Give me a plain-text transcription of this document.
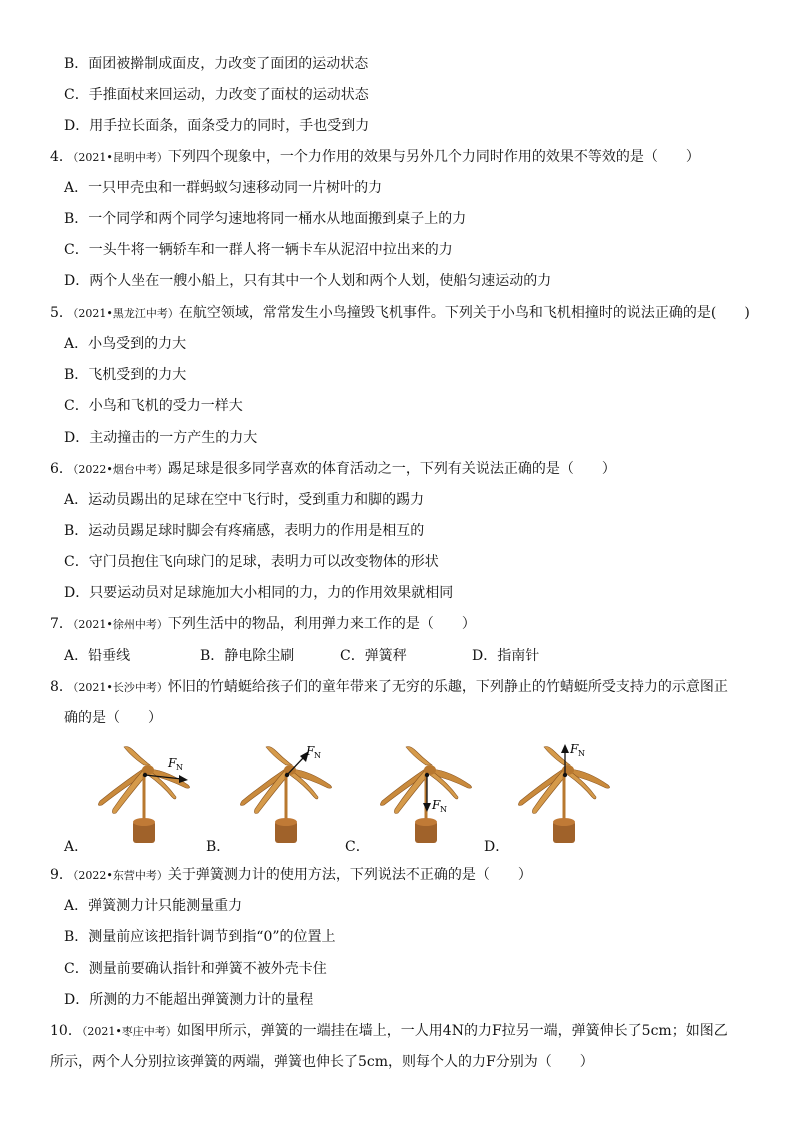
B．面团被擀制成面皮，力改变了面团的运动状态
C．手推面杖来回运动，力改变了面杖的运动状态
D．用手拉长面条，面条受力的同时，手也受到力
4．（2021•昆明中考）下列四个现象中，一个力作用的效果与另外几个力同时作用的效果不等效的是（　　）
A．一只甲壳虫和一群蚂蚁匀速移动同一片树叶的力
B．一个同学和两个同学匀速地将同一桶水从地面搬到桌子上的力
C．一头牛将一辆轿车和一群人将一辆卡车从泥沼中拉出来的力
D．两个人坐在一艘小船上，只有其中一个人划和两个人划，使船匀速运动的力
5．（2021•黑龙江中考）在航空领域，常常发生小鸟撞毁飞机事件。下列关于小鸟和飞机相撞时的说法正确的是(　　)
A．小鸟受到的力大
B．飞机受到的力大
C．小鸟和飞机的受力一样大
D．主动撞击的一方产生的力大
6．（2022•烟台中考）踢足球是很多同学喜欢的体育活动之一，下列有关说法正确的是（　　）
A．运动员踢出的足球在空中飞行时，受到重力和脚的踢力
B．运动员踢足球时脚会有疼痛感，表明力的作用是相互的
C．守门员抱住飞向球门的足球，表明力可以改变物体的形状
D．只要运动员对足球施加大小相同的力，力的作用效果就相同
7．（2021•徐州中考）下列生活中的物品，利用弹力来工作的是（　　）
A．铅垂线	B．静电除尘刷	C．弹簧秤	D．指南针
8．（2021•长沙中考）怀旧的竹蜻蜓给孩子们的童年带来了无穷的乐趣，下列静止的竹蜻蜓所受支持力的示意图正
确的是（　　）
F N
F N
F N
F N
A．	B．	C．	D．
9．（2022•东营中考）关于弹簧测力计的使用方法，下列说法不正确的是（　　）
A．弹簧测力计只能测量重力
B．测量前应该把指针调节到指“0”的位置上
C．测量前要确认指针和弹簧不被外壳卡住
D．所测的力不能超出弹簧测力计的量程
10．（2021•枣庄中考）如图甲所示，弹簧的一端挂在墙上，一人用4N的力F拉另一端，弹簧伸长了5cm；如图乙
所示，两个人分别拉该弹簧的两端，弹簧也伸长了5cm，则每个人的力F分别为（　　）
